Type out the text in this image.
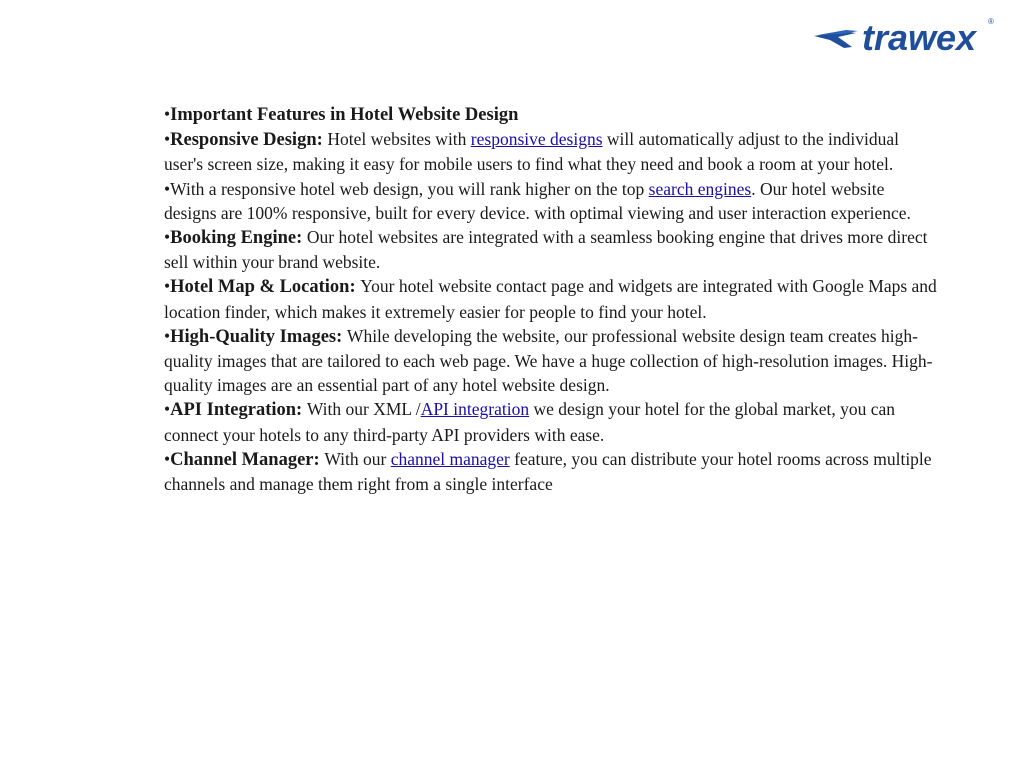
trawex ®

•Important Features in Hotel Website Design

•Responsive Design: Hotel websites with responsive designs will automatically adjust to the individual user's screen size, making it easy for mobile users to find what they need and book a room at your hotel.

•With a responsive hotel web design, you will rank higher on the top search engines. Our hotel website designs are 100% responsive, built for every device. with optimal viewing and user interaction experience.

•Booking Engine: Our hotel websites are integrated with a seamless booking engine that drives more direct sell within your brand website.

•Hotel Map & Location: Your hotel website contact page and widgets are integrated with Google Maps and location finder, which makes it extremely easier for people to find your hotel.

•High-Quality Images: While developing the website, our professional website design team creates high-quality images that are tailored to each web page. We have a huge collection of high-resolution images. High-quality images are an essential part of any hotel website design.

•API Integration: With our XML /API integration we design your hotel for the global market, you can connect your hotels to any third-party API providers with ease.

•Channel Manager: With our channel manager feature, you can distribute your hotel rooms across multiple channels and manage them right from a single interface
